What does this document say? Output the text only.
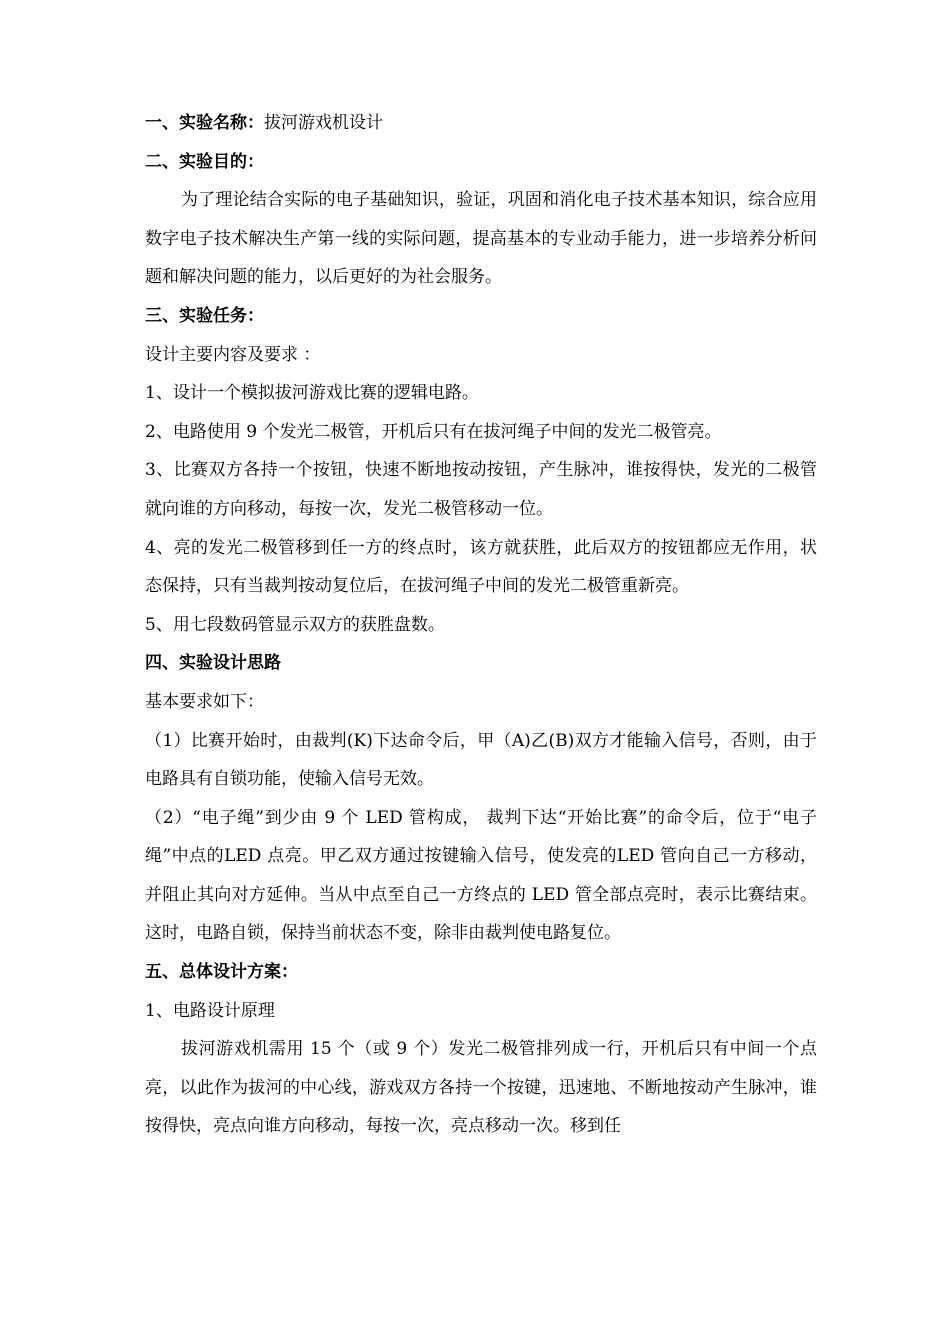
一、实验名称：拔河游戏机设计

二、实验目的：

为了理论结合实际的电子基础知识，验证，巩固和消化电子技术基本知识，综合应用数字电子技术解决生产第一线的实际问题，提高基本的专业动手能力，进一步培养分析问题和解决问题的能力，以后更好的为社会服务。

三、实验任务：

设计主要内容及要求 ：

1、设计一个模拟拔河游戏比赛的逻辑电路。

2、电路使用 9 个发光二极管，开机后只有在拔河绳子中间的发光二极管亮。

3、比赛双方各持一个按钮，快速不断地按动按钮，产生脉冲，谁按得快，发光的二极管就向谁的方向移动，每按一次，发光二极管移动一位。

4、亮的发光二极管移到任一方的终点时，该方就获胜，此后双方的按钮都应无作用，状态保持，只有当裁判按动复位后，在拔河绳子中间的发光二极管重新亮。

5、用七段数码管显示双方的获胜盘数。

四、实验设计思路

基本要求如下：

（1）比赛开始时，由裁判(K)下达命令后，甲（A)乙(B)双方才能输入信号，否则，由于电路具有自锁功能，使输入信号无效。

（2）“电子绳”到少由 9 个 LED 管构成， 裁判下达“开始比赛”的命令后，位于“电子绳”中点的LED 点亮。甲乙双方通过按键输入信号，使发亮的LED 管向自己一方移动，并阻止其向对方延伸。当从中点至自己一方终点的 LED 管全部点亮时，表示比赛结束。这时，电路自锁，保持当前状态不变，除非由裁判使电路复位。

五、总体设计方案：

1、电路设计原理

拔河游戏机需用 15 个（或 9 个）发光二极管排列成一行，开机后只有中间一个点亮，以此作为拔河的中心线，游戏双方各持一个按键，迅速地、不断地按动产生脉冲，谁按得快，亮点向谁方向移动，每按一次，亮点移动一次。移到任
